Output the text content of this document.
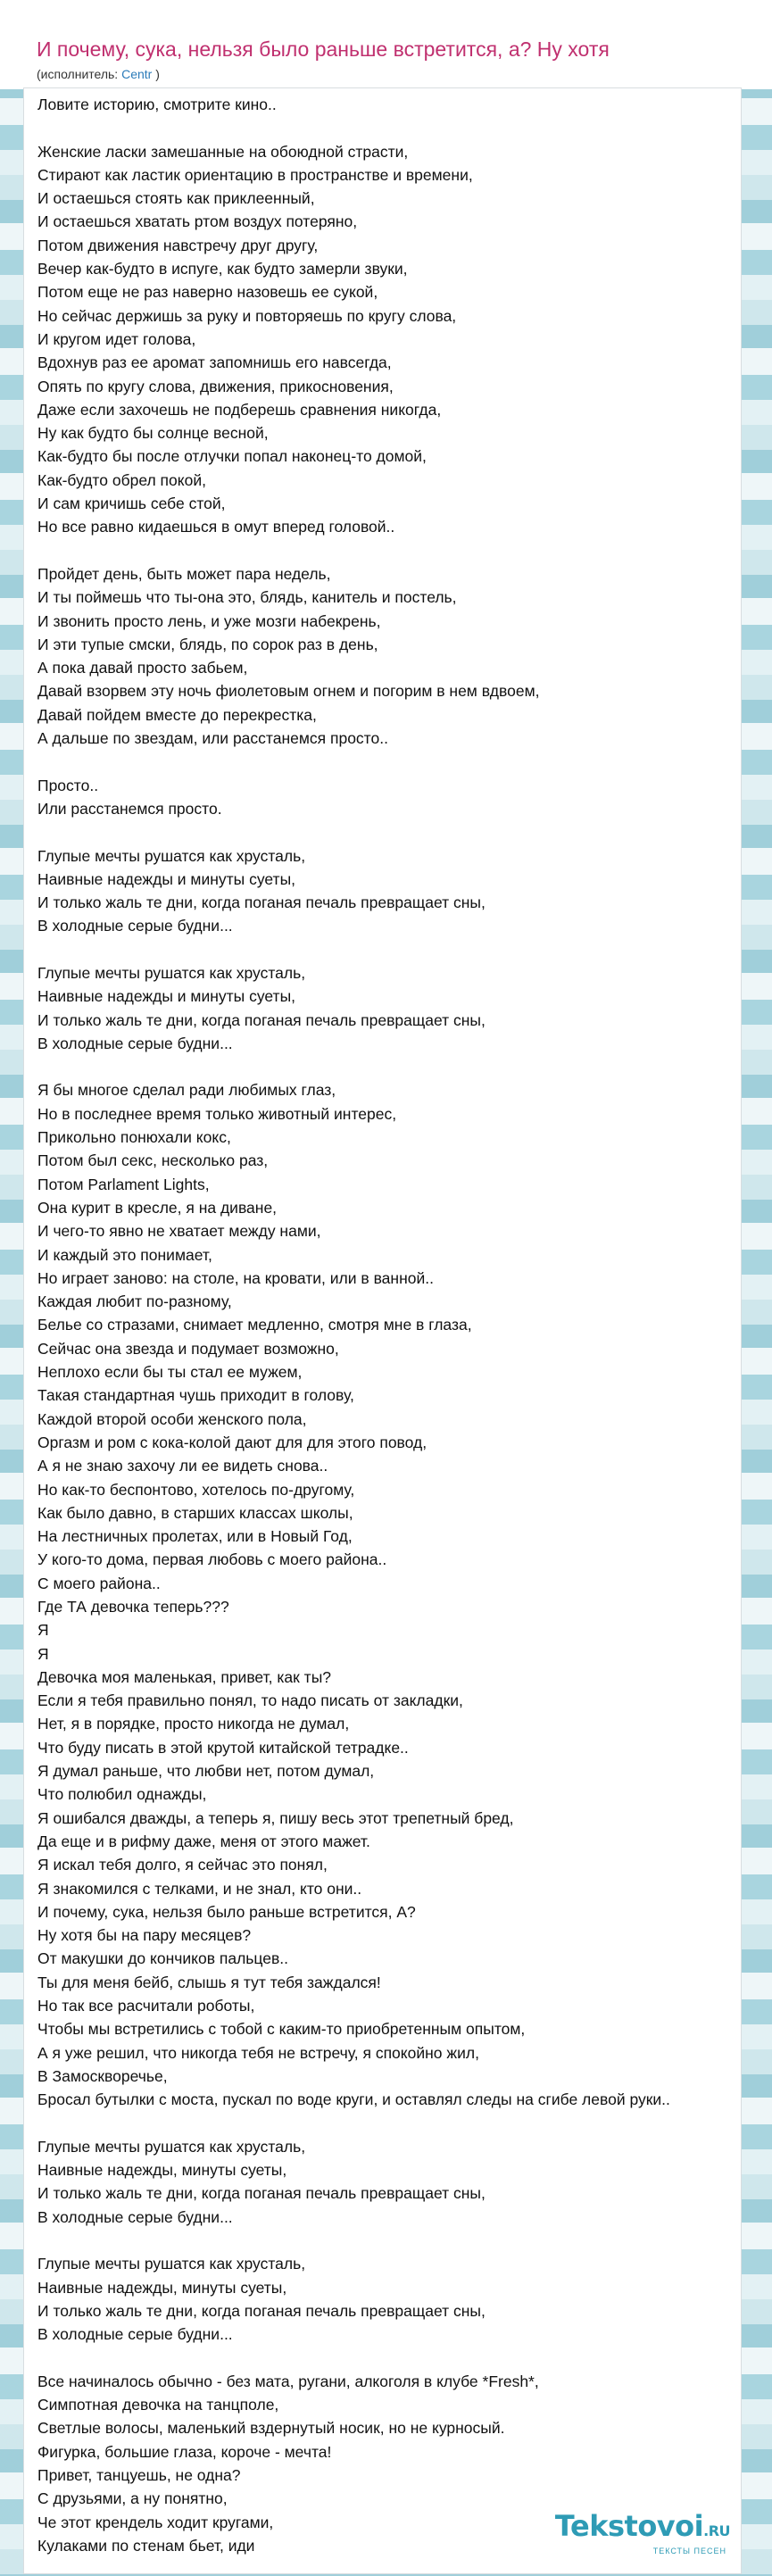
И почему, сука, нельзя было раньше встретится, а? Ну хотя
(исполнитель: Centr )
Ловите историю, смотрите кино..

Женские ласки замешанные на обоюдной страсти,
Стирают как ластик ориентацию в пространстве и времени,
И остаешься стоять как приклеенный,
И остаешься хватать ртом воздух потеряно,
Потом движения навстречу друг другу,
Вечер как-будто в испуге, как будто замерли звуки,
Потом еще не раз наверно назовешь ее сукой,
Но сейчас держишь за руку и повторяешь по кругу слова,
И кругом идет голова,
Вдохнув раз ее аромат запомнишь его навсегда,
Опять по кругу слова, движения, прикосновения,
Даже если захочешь не подберешь сравнения никогда,
Ну как будто бы солнце весной,
Как-будто бы после отлучки попал наконец-то домой,
Как-будто обрел покой,
И сам кричишь себе стой,
Но все равно кидаешься в омут вперед головой..

Пройдет день, быть может пара недель,
И ты поймешь что ты-она это, блядь, канитель и постель,
И звонить просто лень, и уже мозги набекрень,
И эти тупые смски, блядь, по сорок раз в день,
А пока давай просто забьем,
Давай взорвем эту ночь фиолетовым огнем и погорим в нем вдвоем,
Давай пойдем вместе до перекрестка,
А дальше по звездам, или расстанемся просто..

Просто..
Или расстанемся просто.

Глупые мечты рушатся как хрусталь,
Наивные надежды и минуты суеты,
И только жаль те дни, когда поганая печаль превращает сны,
В холодные серые будни...

Глупые мечты рушатся как хрусталь,
Наивные надежды и минуты суеты,
И только жаль те дни, когда поганая печаль превращает сны,
В холодные серые будни...

Я бы многое сделал ради любимых глаз,
Но в последнее время только животный интерес,
Прикольно понюхали кокс,
Потом был секс, несколько раз,
Потом Parlament Lights,
Она курит в кресле, я на диване,
И чего-то явно не хватает между нами,
И каждый это понимает,
Но играет заново: на столе, на кровати, или в ванной..
Каждая любит по-разному,
Белье со стразами, снимает медленно, смотря мне в глаза,
Сейчас она звезда и подумает возможно,
Неплохо если бы ты стал ее мужем,
Такая стандартная чушь приходит в голову,
Каждой второй особи женского пола,
Оргазм и ром с кока-колой дают для для этого повод,
А я не знаю захочу ли ее видеть снова..
Но как-то беспонтово, хотелось по-другому,
Как было давно, в старших классах школы,
На лестничных пролетах, или в Новый Год,
У кого-то дома, первая любовь с моего района..
С моего района..
Где ТА девочка теперь???
Я
Я
Девочка моя маленькая, привет, как ты?
Если я тебя правильно понял, то надо писать от закладки,
Нет, я в порядке, просто никогда не думал,
Что буду писать в этой крутой китайской тетрадке..
Я думал раньше, что любви нет, потом думал,
Что полюбил однажды,
Я ошибался дважды, а теперь я, пишу весь этот трепетный бред,
Да еще и в рифму даже, меня от этого мажет.
Я искал тебя долго, я сейчас это понял,
Я знакомился с телками, и не знал, кто они..
И почему, сука, нельзя было раньше встретится, А?
Ну хотя бы на пару месяцев?
От макушки до кончиков пальцев..
Ты для меня бейб, слышь я тут тебя заждался!
Но так все расчитали роботы,
Чтобы мы встретились с тобой с каким-то приобретенным опытом,
А я уже решил, что никогда тебя не встречу, я спокойно жил,
В Замоскворечье,
Бросал бутылки с моста, пускал по воде круги, и оставлял следы на сгибе левой руки..

Глупые мечты рушатся как хрусталь,
Наивные надежды, минуты суеты,
И только жаль те дни, когда поганая печаль превращает сны,
В холодные серые будни...

Глупые мечты рушатся как хрусталь,
Наивные надежды, минуты суеты,
И только жаль те дни, когда поганая печаль превращает сны,
В холодные серые будни...

Все начиналось обычно - без мата, ругани, алкоголя в клубе *Fresh*,
Симпотная девочка на танцполе,
Светлые волосы, маленький вздернутый носик, но не курносый.
Фигурка, большие глаза, короче - мечта!
Привет, танцуешь, не одна?
С друзьями, а ну понятно,
Че этот крендель ходит кругами,
Кулаками по стенам бьет, иди
Tekstovoi.RU
ТЕКСТЫ ПЕСЕН
